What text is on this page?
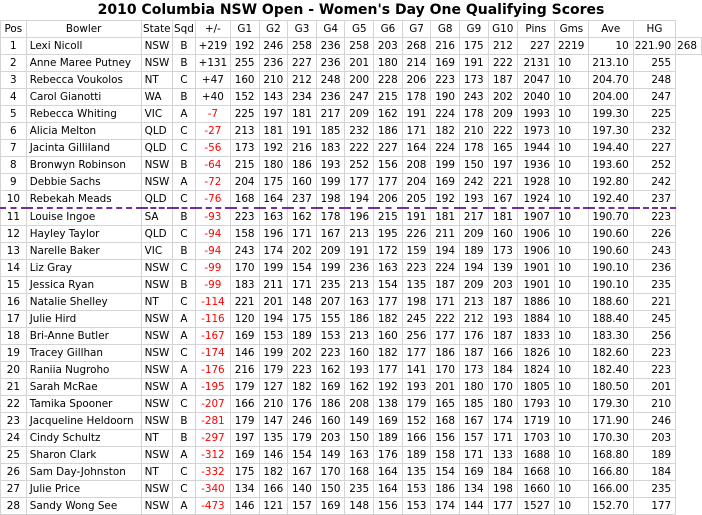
2010 Columbia NSW Open - Women's Day One Qualifying Scores
Pos	Bowler	State	Sqd	+/-	G1	G2	G3	G4	G5	G6	G7	G8	G9	G10	Pins	Gms	Ave	HG	
1	Lexi Nicoll	NSW	B	+219	192	246	258	236	258	203	268	216	175	212	227	2219	10	221.90	268
2	Anne Maree Putney	NSW	B	+131	255	236	227	236	201	180	214	169	191	222	2131	10	213.10	255	
3	Rebecca Voukolos	NT	C	+47	160	210	212	248	200	228	206	223	173	187	2047	10	204.70	248	
4	Carol Gianotti	WA	B	+40	152	143	234	236	247	215	178	190	243	202	2040	10	204.00	247	
5	Rebecca Whiting	VIC	A	-7	225	197	181	217	209	162	191	224	178	209	1993	10	199.30	225	
6	Alicia Melton	QLD	C	-27	213	181	191	185	232	186	171	182	210	222	1973	10	197.30	232	
7	Jacinta Gilliland	QLD	C	-56	173	192	216	183	222	227	164	224	178	165	1944	10	194.40	227	
8	Bronwyn Robinson	NSW	B	-64	215	180	186	193	252	156	208	199	150	197	1936	10	193.60	252	
9	Debbie Sachs	NSW	A	-72	204	175	160	199	177	177	204	169	242	221	1928	10	192.80	242	
10	Rebekah Meads	QLD	C	-76	168	164	237	198	194	206	205	192	193	167	1924	10	192.40	237	
11	Louise Ingoe	SA	B	-93	223	163	162	178	196	215	191	181	217	181	1907	10	190.70	223	
12	Hayley Taylor	QLD	C	-94	158	196	171	167	213	195	226	211	209	160	1906	10	190.60	226	
13	Narelle Baker	VIC	B	-94	243	174	202	209	191	172	159	194	189	173	1906	10	190.60	243	
14	Liz Gray	NSW	C	-99	170	199	154	199	236	163	223	224	194	139	1901	10	190.10	236	
15	Jessica Ryan	NSW	B	-99	183	211	171	235	213	154	135	187	209	203	1901	10	190.10	235	
16	Natalie Shelley	NT	C	-114	221	201	148	207	163	177	198	171	213	187	1886	10	188.60	221	
17	Julie Hird	NSW	A	-116	120	194	175	155	186	182	245	222	212	193	1884	10	188.40	245	
18	Bri-Anne Butler	NSW	A	-167	169	153	189	153	213	160	256	177	176	187	1833	10	183.30	256	
19	Tracey Gillhan	NSW	C	-174	146	199	202	223	160	182	177	186	187	166	1826	10	182.60	223	
20	Raniia Nugroho	NSW	A	-176	216	179	223	162	193	177	141	170	173	184	1824	10	182.40	223	
21	Sarah McRae	NSW	A	-195	179	127	182	169	162	192	193	201	180	170	1805	10	180.50	201	
22	Tamika Spooner	NSW	C	-207	166	210	176	186	208	138	179	165	185	180	1793	10	179.30	210	
23	Jacqueline Heldoorn	NSW	B	-281	179	147	246	160	149	169	152	168	167	174	1719	10	171.90	246	
24	Cindy Schultz	NT	B	-297	197	135	179	203	150	189	166	156	157	171	1703	10	170.30	203	
25	Sharon Clark	NSW	A	-312	169	146	154	149	163	176	189	158	171	133	1688	10	168.80	189	
26	Sam Day-Johnston	NT	C	-332	175	182	167	170	168	164	135	154	169	184	1668	10	166.80	184	
27	Julie Price	NSW	C	-340	134	166	140	150	235	164	153	186	134	198	1660	10	166.00	235	
28	Sandy Wong See	NSW	A	-473	146	121	157	169	148	156	153	174	144	177	1527	10	152.70	177	
